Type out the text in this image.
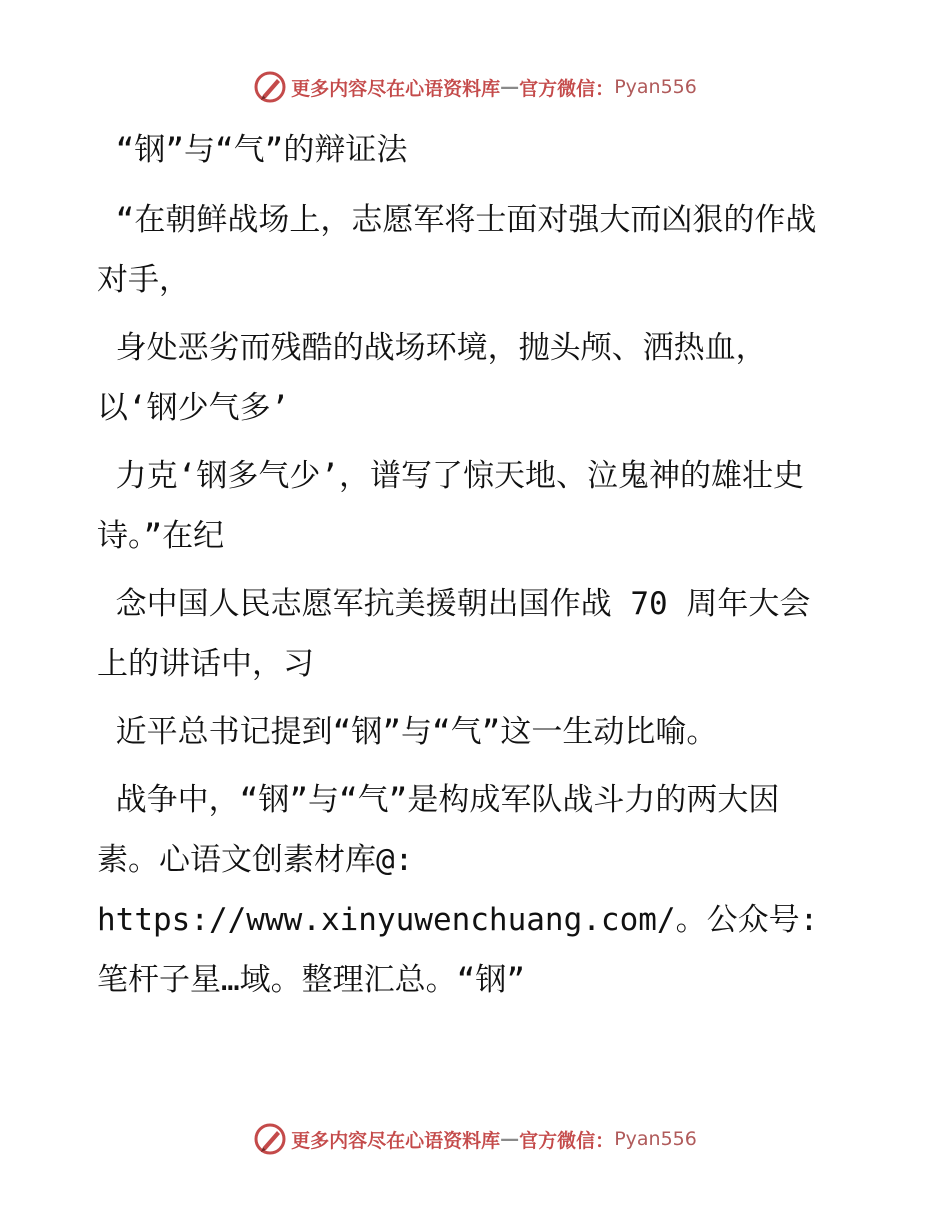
更多内容尽在心语资料库 — 官方微信： Pyan556

“钢”与“气”的辩证法

“在朝鲜战场上，志愿军将士面对强大而凶狠的作战对手，

身处恶劣而残酷的战场环境，抛头颅、洒热血，以‘钢少气多’

力克‘钢多气少’，谱写了惊天地、泣鬼神的雄壮史诗。”在纪

念中国人民志愿军抗美援朝出国作战 70 周年大会上的讲话中，习

近平总书记提到“钢”与“气”这一生动比喻。

战争中，“钢”与“气”是构成军队战斗力的两大因素。心语文创素材库@: https://www.xinyuwenchuang.com/。公众号: 笔杆子星…域。整理汇总。“钢”

更多内容尽在心语资料库 — 官方微信： Pyan556
